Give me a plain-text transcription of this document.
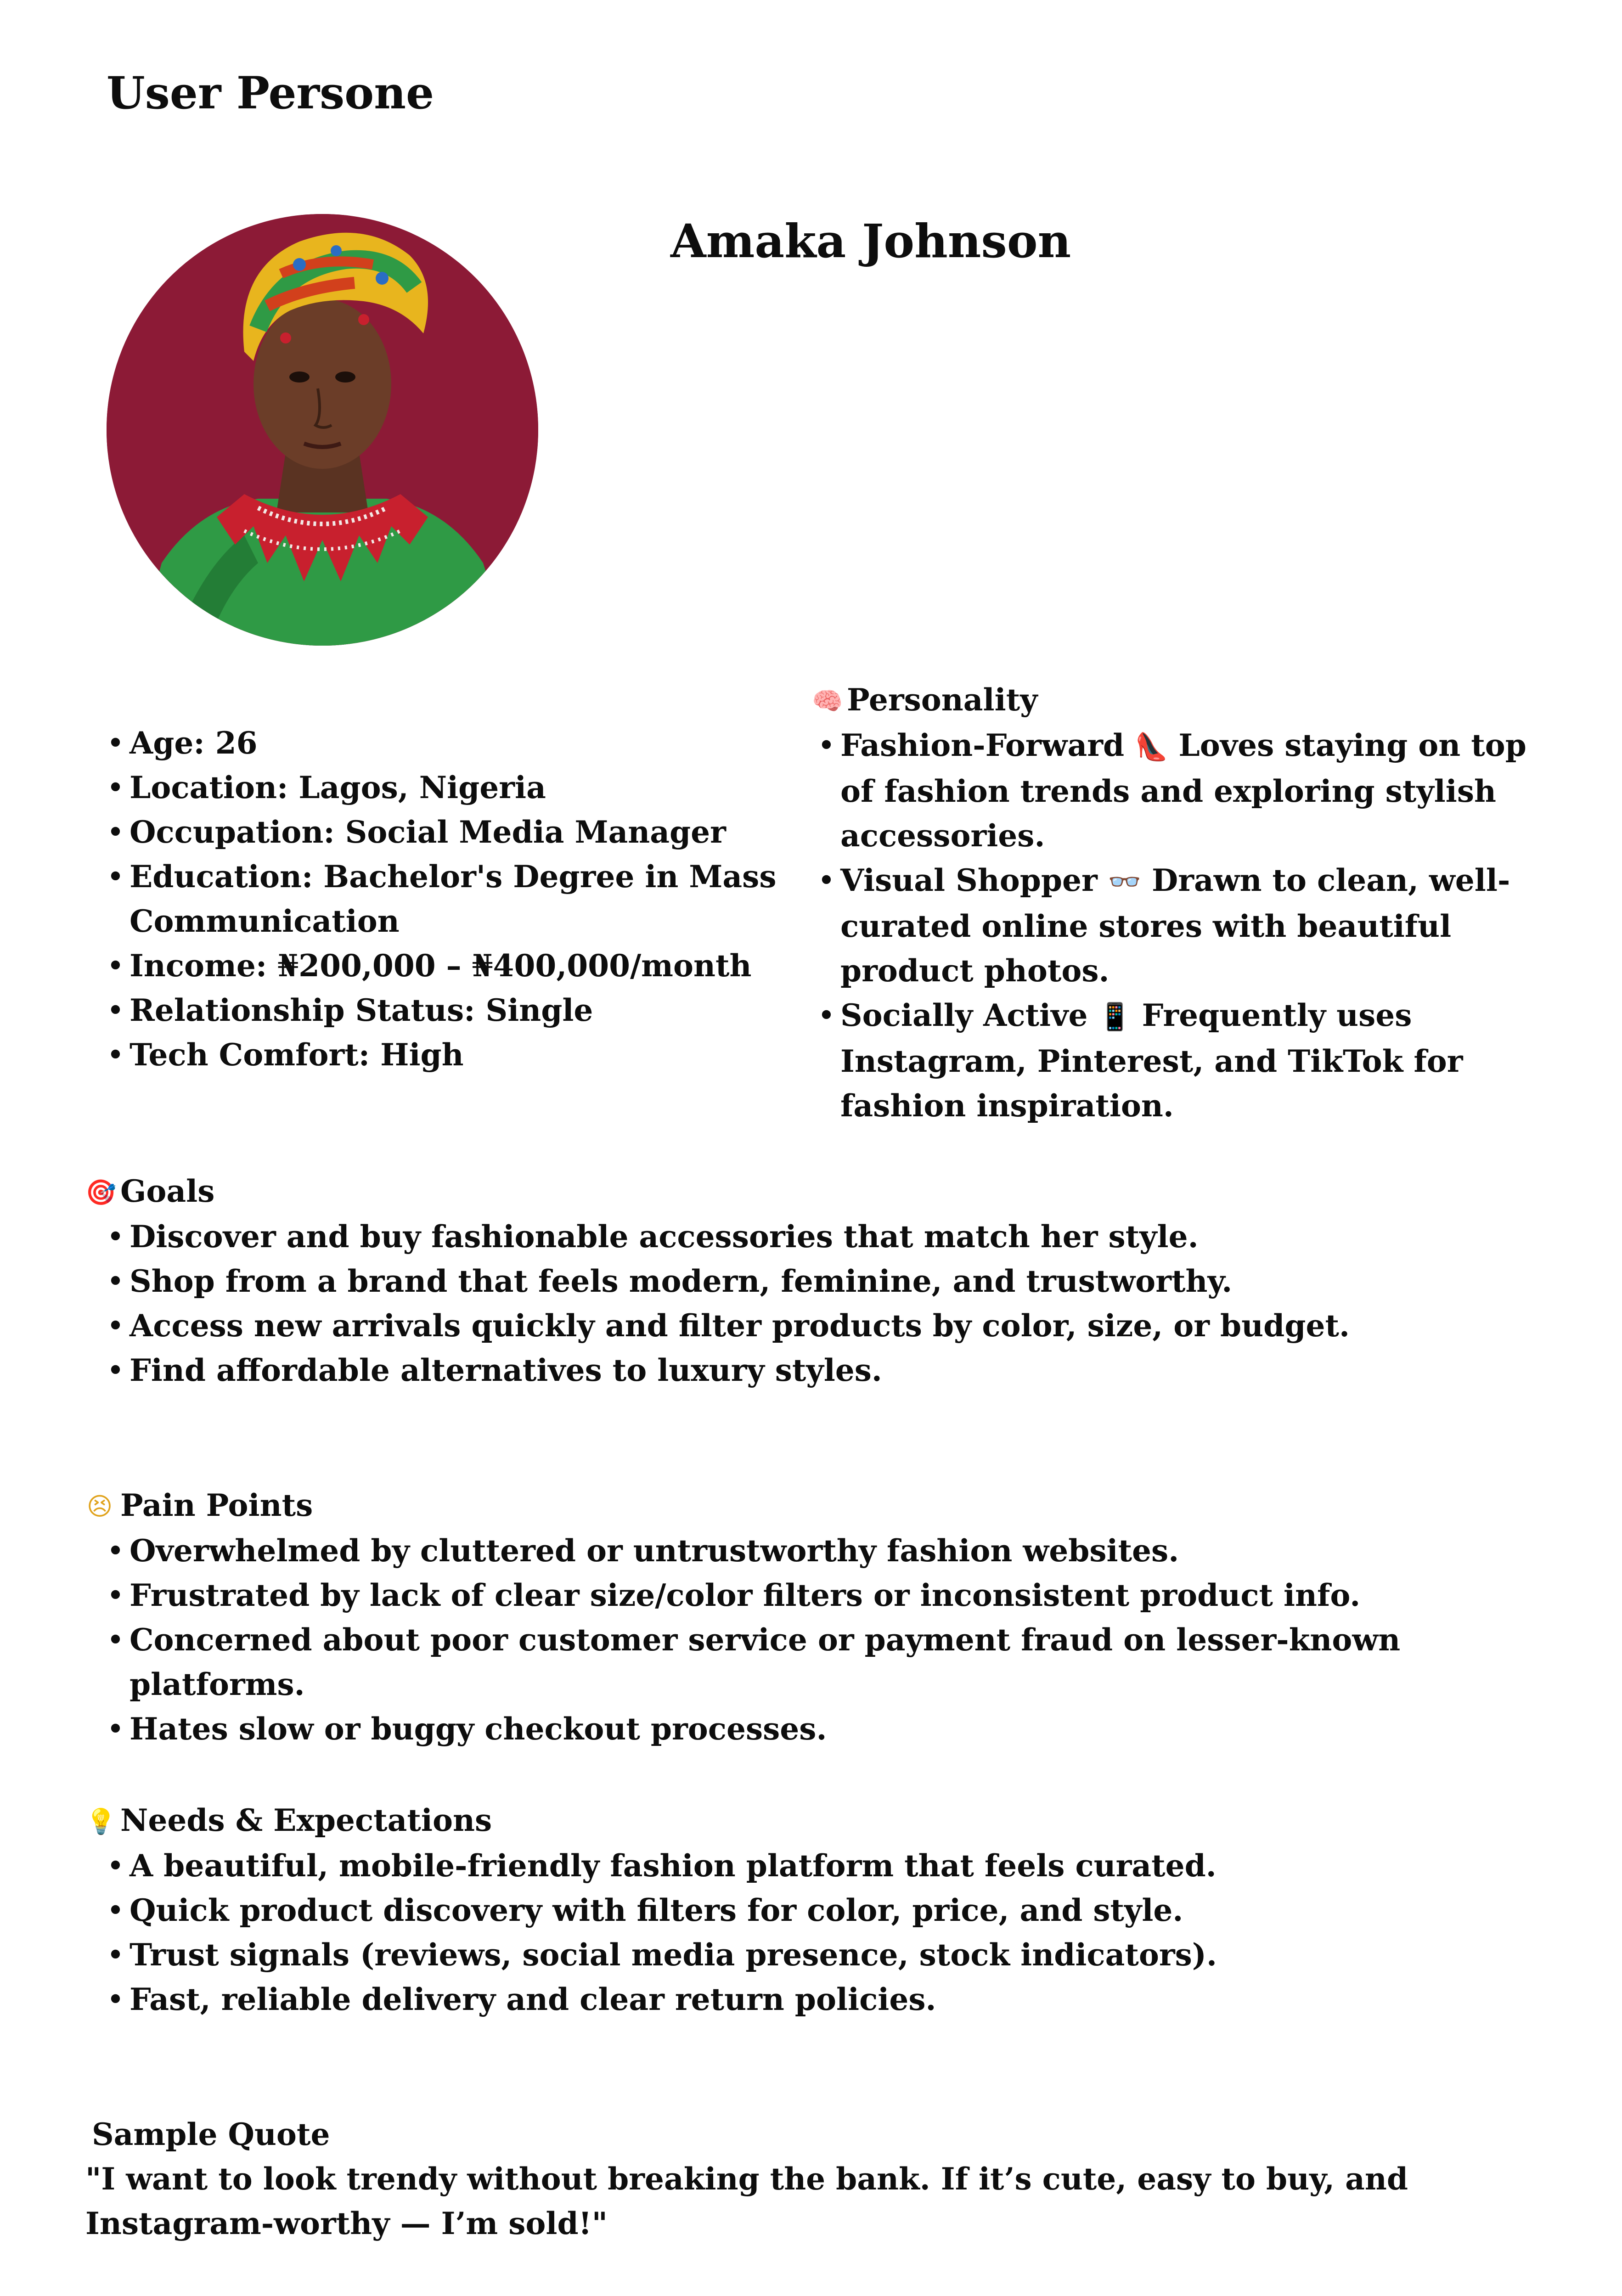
User Persone
Amaka Johnson
• Age: 26
• Location: Lagos, Nigeria
• Occupation: Social Media Manager
• Education: Bachelor's Degree in Mass Communication
• Income: ₦200,000 – ₦400,000/month
• Relationship Status: Single
• Tech Comfort: High
🧠 Personality
• Fashion-Forward 👠 Loves staying on top of fashion trends and exploring stylish accessories.
• Visual Shopper 👓 Drawn to clean, well-curated online stores with beautiful product photos.
• Socially Active 📱 Frequently uses Instagram, Pinterest, and TikTok for fashion inspiration.
🎯 Goals
• Discover and buy fashionable accessories that match her style.
• Shop from a brand that feels modern, feminine, and trustworthy.
• Access new arrivals quickly and filter products by color, size, or budget.
• Find affordable alternatives to luxury styles.
😣 Pain Points
• Overwhelmed by cluttered or untrustworthy fashion websites.
• Frustrated by lack of clear size/color filters or inconsistent product info.
• Concerned about poor customer service or payment fraud on lesser-known platforms.
• Hates slow or buggy checkout processes.
💡 Needs & Expectations
• A beautiful, mobile-friendly fashion platform that feels curated.
• Quick product discovery with filters for color, price, and style.
• Trust signals (reviews, social media presence, stock indicators).
• Fast, reliable delivery and clear return policies.
Sample Quote
"I want to look trendy without breaking the bank. If it’s cute, easy to buy, and Instagram-worthy — I’m sold!"
